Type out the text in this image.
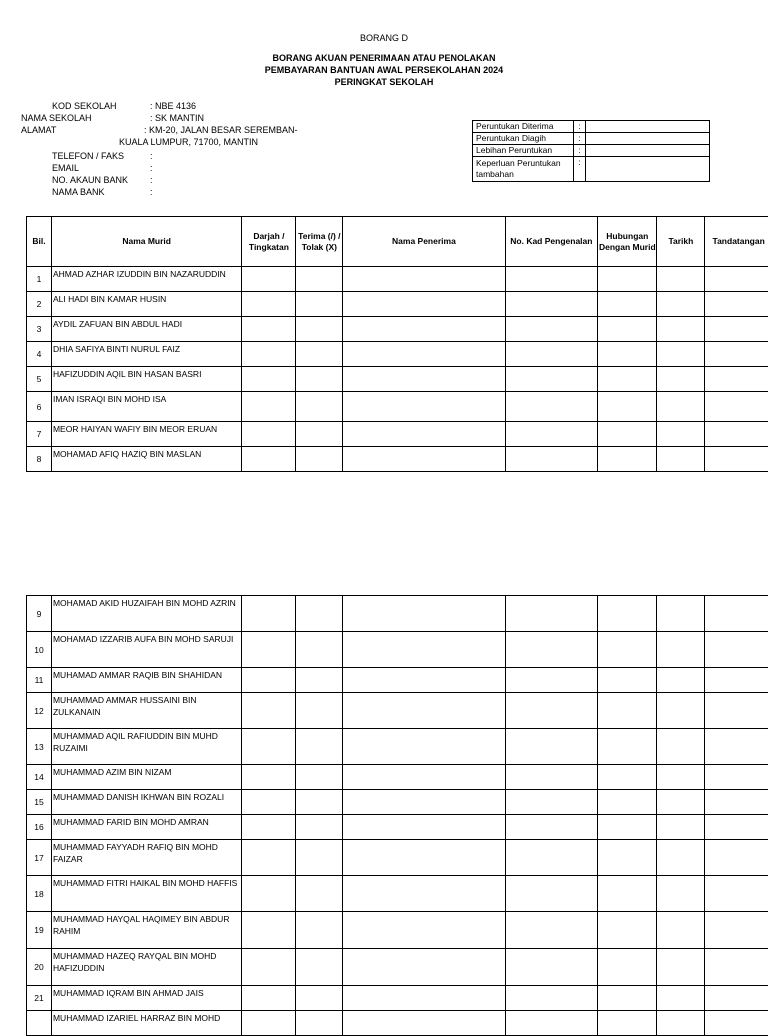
BORANG D
BORANG AKUAN PENERIMAAN ATAU PENOLAKAN
PEMBAYARAN BANTUAN AWAL PERSEKOLAHAN 2024
PERINGKAT SEKOLAH
KOD SEKOLAH	: NBE 4136
NAMA SEKOLAH	: SK MANTIN
ALAMAT	: KM-20, JALAN BESAR SEREMBAN-
KUALA LUMPUR, 71700, MANTIN
TELEFON / FAKS	:
EMAIL	:
NO. AKAUN BANK :
NAMA BANK	:
Peruntukan Diterima	:	
Peruntukan Diagih	:	
Lebihan Peruntukan	:	
Keperluan Peruntukan tambahan	:	
Bil.	Nama Murid	Darjah / Tingkatan	Terima (/) / Tolak (X)	Nama Penerima	No. Kad Pengenalan	Hubungan Dengan Murid	Tarikh	Tandatangan
1	AHMAD AZHAR IZUDDIN BIN NAZARUDDIN							
2	ALI HADI BIN KAMAR HUSIN							
3	AYDIL ZAFUAN BIN ABDUL HADI							
4	DHIA SAFIYA BINTI NURUL FAIZ							
5	HAFIZUDDIN AQIL BIN HASAN BASRI							
6	IMAN ISRAQI BIN MOHD ISA							
7	MEOR HAIYAN WAFIY BIN MEOR ERUAN							
8	MOHAMAD AFIQ HAZIQ BIN MASLAN							
9	MOHAMAD AKID HUZAIFAH BIN MOHD AZRIN							
10	MOHAMAD IZZARIB AUFA BIN MOHD SARUJI							
11	MUHAMAD AMMAR RAQIB BIN SHAHIDAN							
12	MUHAMMAD AMMAR HUSSAINI BIN ZULKANAIN							
13	MUHAMMAD AQIL RAFIUDDIN BIN MUHD RUZAIMI							
14	MUHAMMAD AZIM BIN NIZAM							
15	MUHAMMAD DANISH IKHWAN BIN ROZALI							
16	MUHAMMAD FARID BIN MOHD AMRAN							
17	MUHAMMAD FAYYADH RAFIQ BIN MOHD FAIZAR							
18	MUHAMMAD FITRI HAIKAL BIN MOHD HAFFIS							
19	MUHAMMAD HAYQAL HAQIMEY BIN ABDUR RAHIM							
20	MUHAMMAD HAZEQ RAYQAL BIN MOHD HAFIZUDDIN							
21	MUHAMMAD IQRAM BIN AHMAD JAIS							
	MUHAMMAD IZARIEL HARRAZ BIN MOHD							
